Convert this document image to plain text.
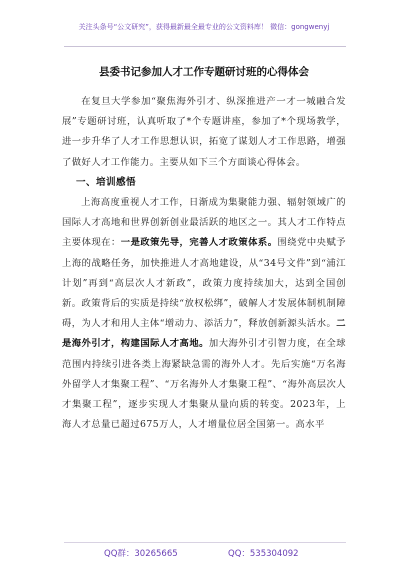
关注头条号“公文研究”，获得最新最全最专业的公文资料库！ 微信：gongwenyj
县委书记参加人才工作专题研讨班的心得体会

在复旦大学参加“聚焦海外引才、纵深推进产一才一城融合发展”专题研讨班，认真听取了*个专题讲座，参加了*个现场教学，进一步升华了人才工作思想认识，拓宽了谋划人才工作思路，增强了做好人才工作能力。主要从如下三个方面谈心得体会。

一、培训感悟

上海高度重视人才工作，日渐成为集聚能力强、辐射领域广的国际人才高地和世界创新创业最活跃的地区之一。其人才工作特点主要体现在：一是政策先导，完善人才政策体系。围绕党中央赋予上海的战略任务，加快推进人才高地建设，从“34号文件”到“浦江计划”再到“高层次人才新政”，政策力度持续加大，达到全国创新。政策背后的实质是持续“放权松绑”，破解人才发展体制机制障碍，为人才和用人主体“增动力、添活力”，释放创新源头活水。二是海外引才，构建国际人才高地。加大海外引才引智力度，在全球范围内持续引进各类上海紧缺急需的海外人才。先后实施“万名海外留学人才集聚工程”、“万名海外人才集聚工程”、“海外高层次人才集聚工程”，逐步实现人才集聚从量向质的转变。2023年，上海人才总量已超过675万人，人才增量位居全国第一。高水平

QQ群：30265665	QQ：535304092
